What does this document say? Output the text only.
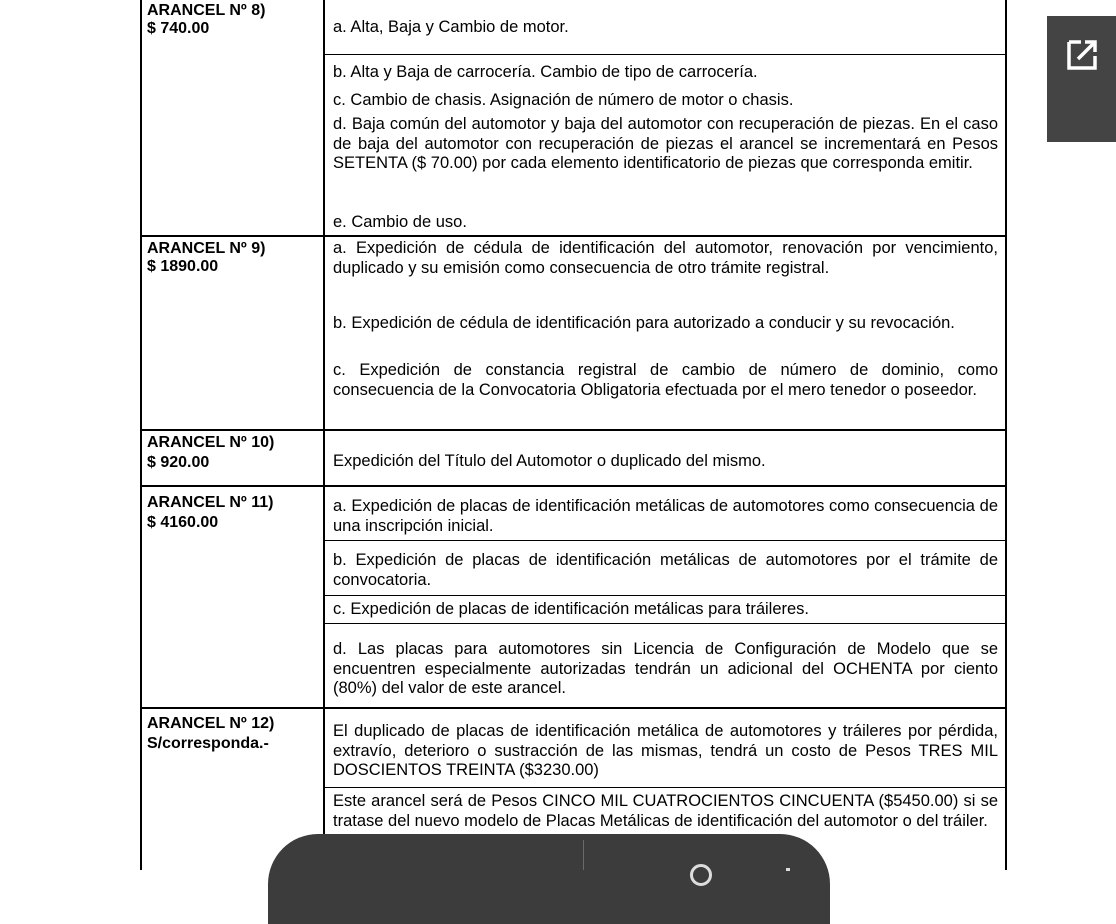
ARANCEL Nº 8)
$ 740.00	a. Alta, Baja y Cambio de motor.
b. Alta y Baja de carrocería. Cambio de tipo de carrocería.
c. Cambio de chasis. Asignación de número de motor o chasis.
d. Baja común del automotor y baja del automotor con recuperación de piezas. En el caso de baja del automotor con recuperación de piezas el arancel se incrementará en Pesos SETENTA ($ 70.00) por cada elemento identificatorio de piezas que corresponda emitir.
e. Cambio de uso.
ARANCEL Nº 9)
$ 1890.00
a. Expedición de cédula de identificación del automotor, renovación por vencimiento, duplicado y su emisión como consecuencia de otro trámite registral.
b. Expedición de cédula de identificación para autorizado a conducir y su revocación.
c. Expedición de constancia registral de cambio de número de dominio, como consecuencia de la Convocatoria Obligatoria efectuada por el mero tenedor o poseedor.
ARANCEL Nº 10)
$ 920.00	Expedición del Título del Automotor o duplicado del mismo.
ARANCEL Nº 11)
$ 4160.00
a. Expedición de placas de identificación metálicas de automotores como consecuencia de una inscripción inicial.
b. Expedición de placas de identificación metálicas de automotores por el trámite de convocatoria.
c. Expedición de placas de identificación metálicas para tráileres.
d. Las placas para automotores sin Licencia de Configuración de Modelo que se encuentren especialmente autorizadas tendrán un adicional del OCHENTA por ciento (80%) del valor de este arancel.
ARANCEL Nº 12)
S/corresponda.-
El duplicado de placas de identificación metálica de automotores y tráileres por pérdida, extravío, deterioro o sustracción de las mismas, tendrá un costo de Pesos TRES MIL DOSCIENTOS TREINTA ($3230.00)
Este arancel será de Pesos CINCO MIL CUATROCIENTOS CINCUENTA ($5450.00) si se tratase del nuevo modelo de Placas Metálicas de identificación del automotor o del tráiler.
